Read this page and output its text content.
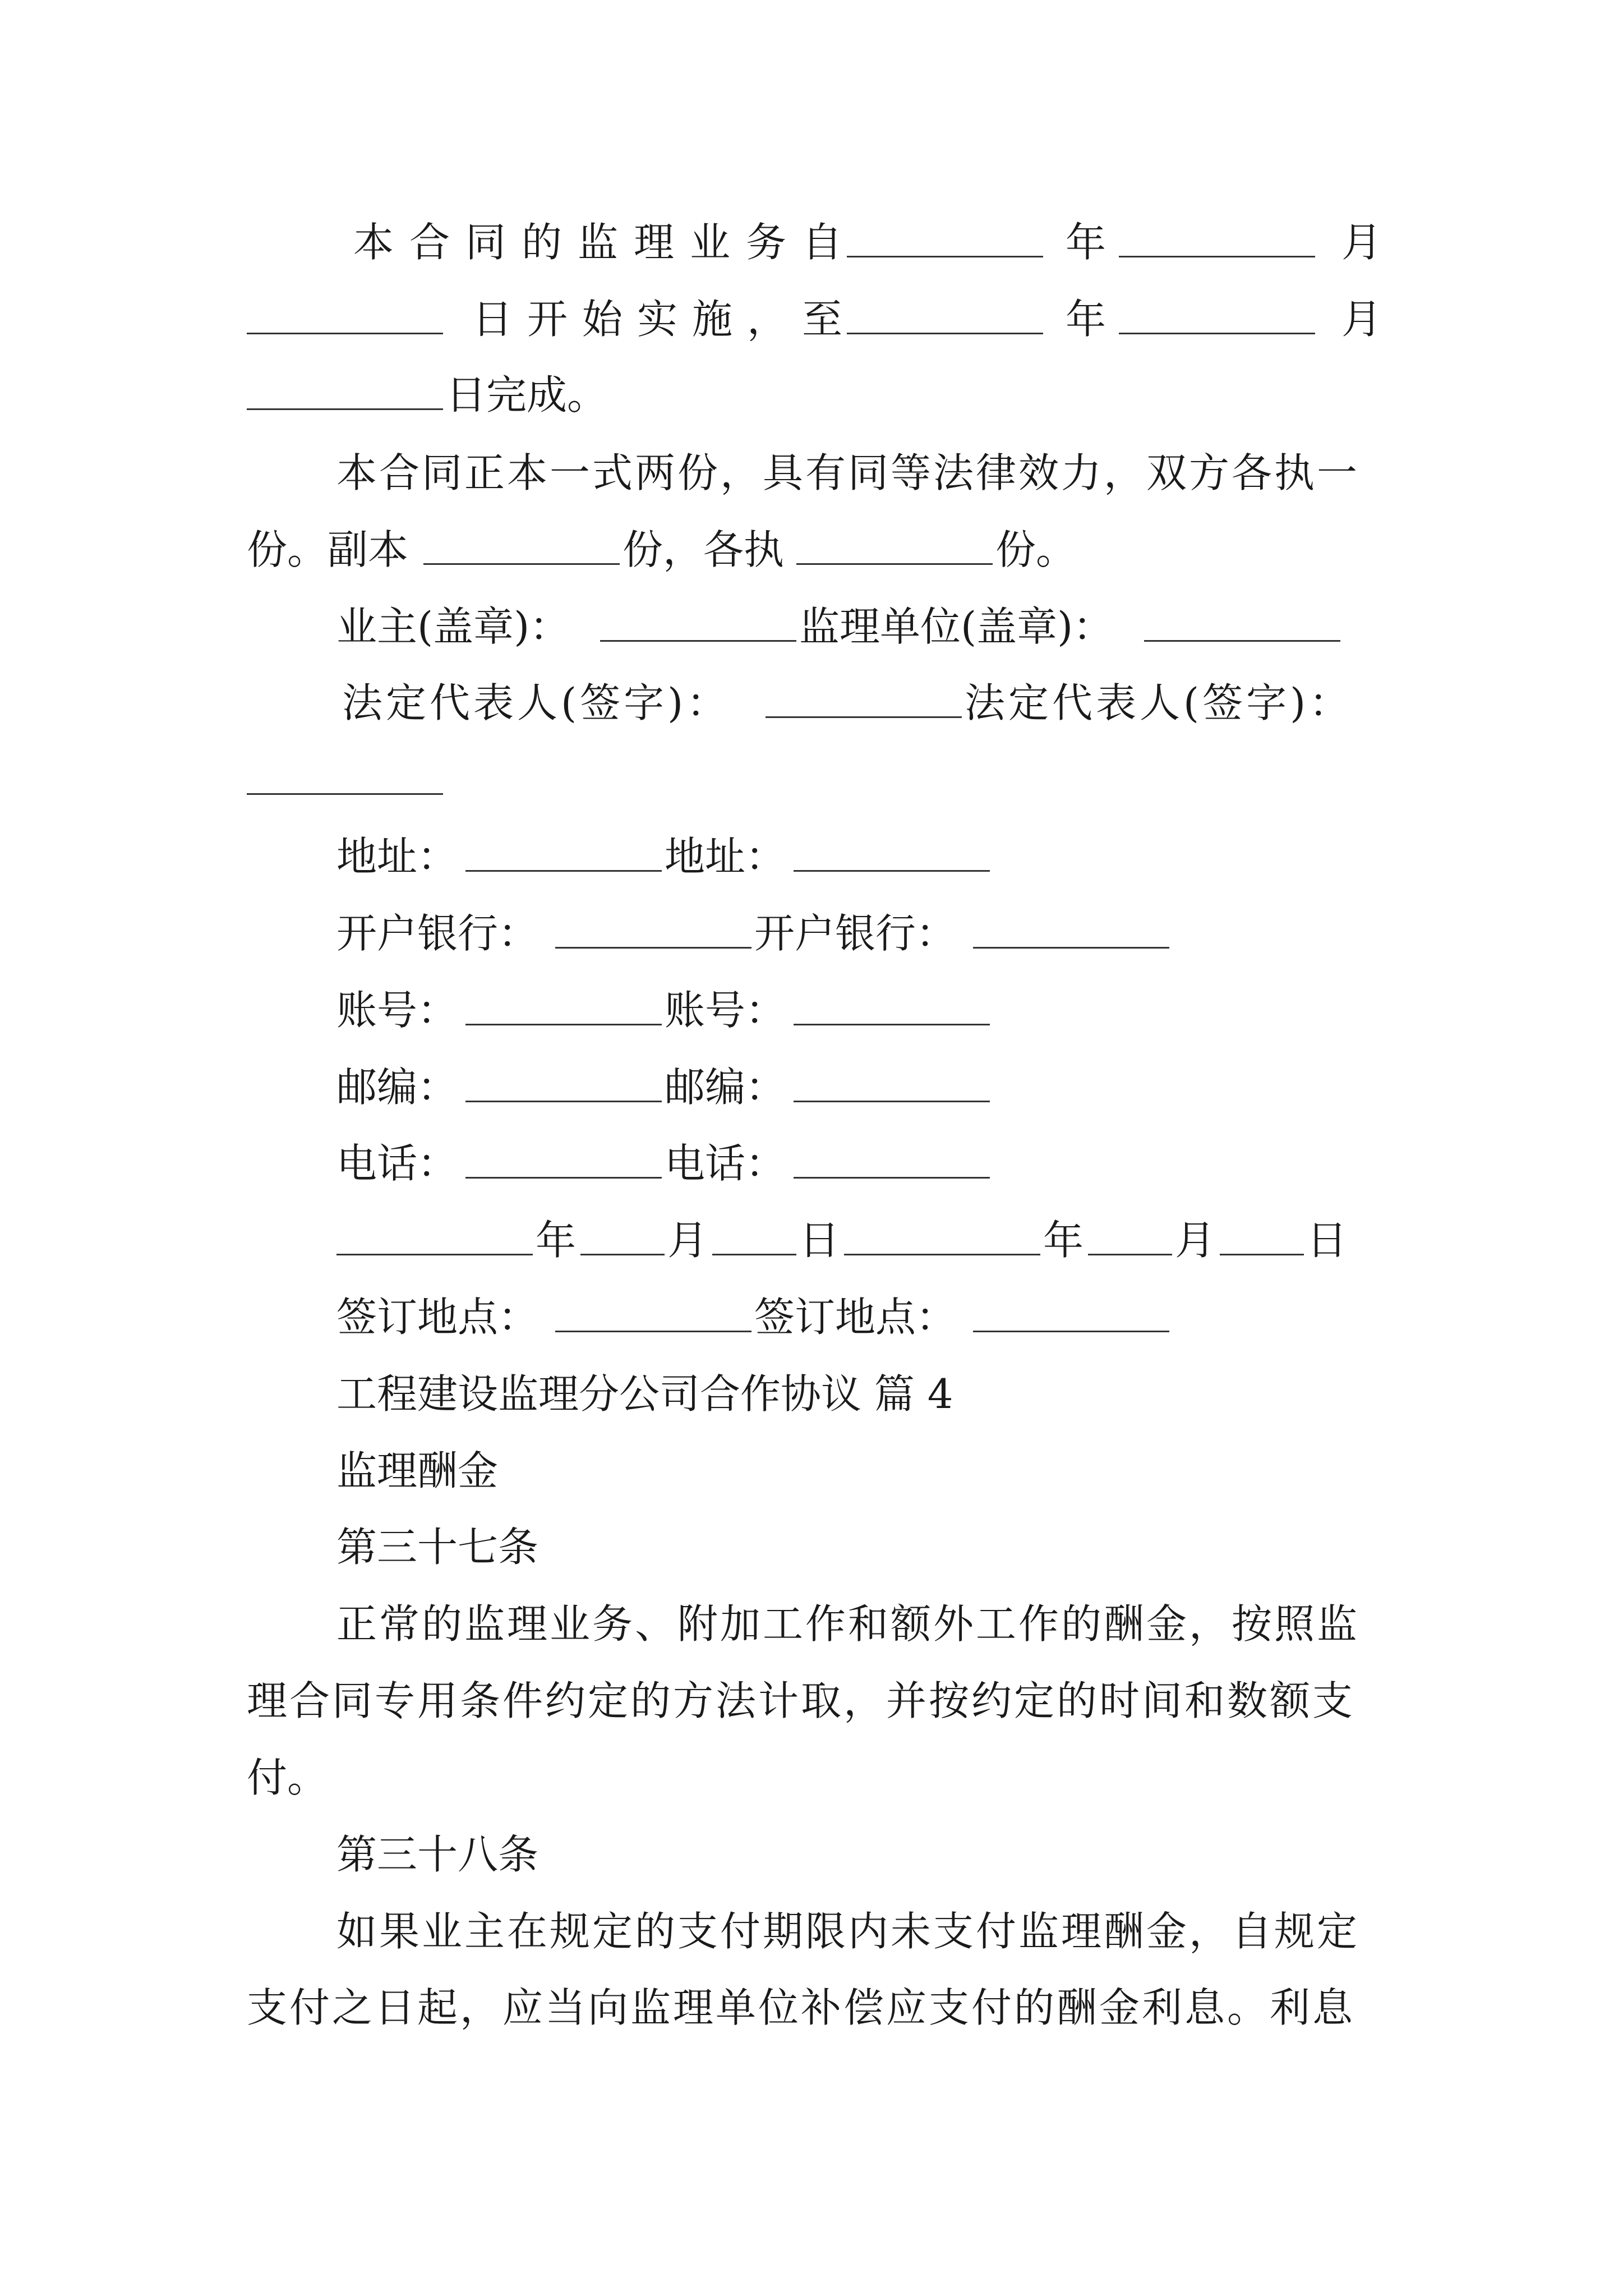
本合同的监理业务自	年	月
日开始实施，至	年	月
日完成。
本合同正本一式两份，具有同等法律效力，双方各执一
份。副本	份，各执	份。
业主(盖章)：	监理单位(盖章)：
法定代表人(签字)：	法定代表人(签字)：
地址：	地址：
开户银行：	开户银行：
账号：	账号：
邮编：	邮编：
电话：	电话：
年 月 日	年 月 日
签订地点：	签订地点：
工程建设监理分公司合作协议 篇 4
监理酬金
第三十七条
正常的监理业务、附加工作和额外工作的酬金，按照监
理合同专用条件约定的方法计取，并按约定的时间和数额支
付。
第三十八条
如果业主在规定的支付期限内未支付监理酬金，自规定
支付之日起，应当向监理单位补偿应支付的酬金利息。利息
